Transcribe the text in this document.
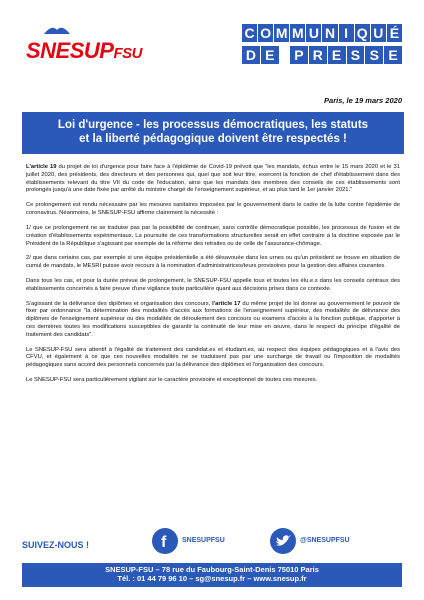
SNESUPFSU
C O M M U N I Q U É
D E	P R E S S E
Paris, le 19 mars 2020
Loi d'urgence - les processus démocratiques, les statuts
et la liberté pédagogique doivent être respectés !

L'article 19 du projet de loi d'urgence pour faire face à l'épidémie de Covid-19 prévoit que "les mandats, échus entre le 15 mars 2020 et le 31 juillet 2020, des présidents, des directeurs et des personnes qui, quel que soit leur titre, exercent la fonction de chef d'établissement dans des établissements relevant du titre VII du code de l'éducation, ainsi que les mandats des membres des conseils de ces établissements sont prolongés jusqu'à une date fixée par arrêté du ministre chargé de l'enseignement supérieur, et au plus tard le 1er janvier 2021."

Ce prolongement est rendu nécessaire par les mesures sanitaires imposées par le gouvernement dans le cadre de la lutte contre l'épidémie de coronavirus. Néanmoins, le SNESUP-FSU affirme clairement la nécessité :

1/ que ce prolongement ne se traduise pas par la possibilité de continuer, sans contrôle démocratique possible, les processus de fusion et de création d'établissements expérimentaux. La poursuite de ces transformations structurelles serait en effet contraire à la doctrine exposée par le Président de la République s'agissant par exemple de la réforme des retraites ou de celle de l'assurance-chômage.

2/ que dans certains cas, par exemple si une équipe présidentielle a été désavouée dans les urnes ou qu'un président se trouve en situation de cumul de mandats, le MESRI puisse avoir recours à la nomination d'administratrices/teurs provisoires pour la gestion des affaires courantes.

Dans tous les cas, et pour la durée prévue de prolongement, le SNESUP-FSU appelle tous et toutes les élu.e.s dans les conseils centraux des établissements concernés à faire preuve d'une vigilance toute particulière quant aux décisions prises dans ce contexte.

S'agissant de la délivrance des diplômes et organisation des concours, l'article 17 du même projet de loi donne au gouvernement le pouvoir de fixer par ordonnance "la détermination des modalités d'accès aux formations de l'enseignement supérieur, des modalités de délivrance des diplômes de l'enseignement supérieur ou des modalités de déroulement des concours ou examens d'accès à la fonction publique, d'apporter à ces dernières toutes les modifications susceptibles de garantir la continuité de leur mise en œuvre, dans le respect du principe d'égalité de traitement des candidats".

Le SNESUP-FSU sera attentif à l'égalité de traitement des candidat.es et étudiant.es, au respect des équipes pédagogiques et à l'avis des CFVU, et également à ce que ces nouvelles modalités ne se traduisent pas par une surcharge de travail ou l'imposition de modalités pédagogiques sans accord des personnels concernés par la délivrance des diplômes et l'organisation des concours.

Le SNESUP-FSU sera particulièrement vigilant sur le caractère provisoire et exceptionnel de toutes ces mesures.

SUIVEZ-NOUS !	f SNESUPFSU	@SNESUPFSU
SNESUP-FSU – 78 rue du Faubourg-Saint-Denis 75010 Paris
Tél. : 01 44 79 96 10 – sg@snesup.fr – www.snesup.fr
